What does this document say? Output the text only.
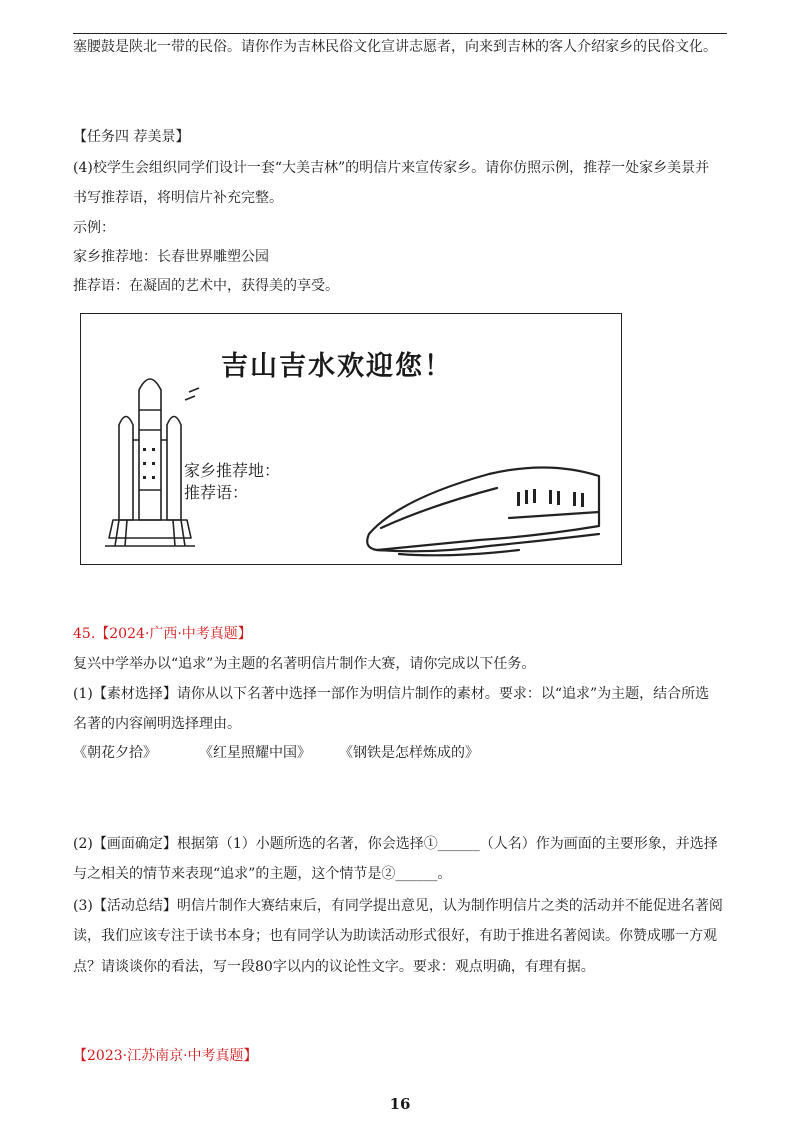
塞腰鼓是陕北一带的民俗。请你作为吉林民俗文化宣讲志愿者，向来到吉林的客人介绍家乡的民俗文化。
【任务四 荐美景】
(4)校学生会组织同学们设计一套“大美吉林”的明信片来宣传家乡。请你仿照示例，推荐一处家乡美景并
书写推荐语，将明信片补充完整。
示例：
家乡推荐地：长春世界雕塑公园
推荐语：在凝固的艺术中，获得美的享受。
吉山吉水欢迎您！
家乡推荐地：
推荐语：
45.【2024·广西·中考真题】
复兴中学举办以“追求”为主题的名著明信片制作大赛，请你完成以下任务。
(1)【素材选择】请你从以下名著中选择一部作为明信片制作的素材。要求：以“追求”为主题，结合所选
名著的内容阐明选择理由。
《朝花夕拾》	《红星照耀中国》 《钢铁是怎样炼成的》
(2)【画面确定】根据第（1）小题所选的名著，你会选择①______（人名）作为画面的主要形象，并选择
与之相关的情节来表现“追求”的主题，这个情节是②______。
(3)【活动总结】明信片制作大赛结束后，有同学提出意见，认为制作明信片之类的活动并不能促进名著阅
读，我们应该专注于读书本身；也有同学认为助读活动形式很好，有助于推进名著阅读。你赞成哪一方观
点？请谈谈你的看法，写一段80字以内的议论性文字。要求：观点明确，有理有据。
【2023·江苏南京·中考真题】
16
